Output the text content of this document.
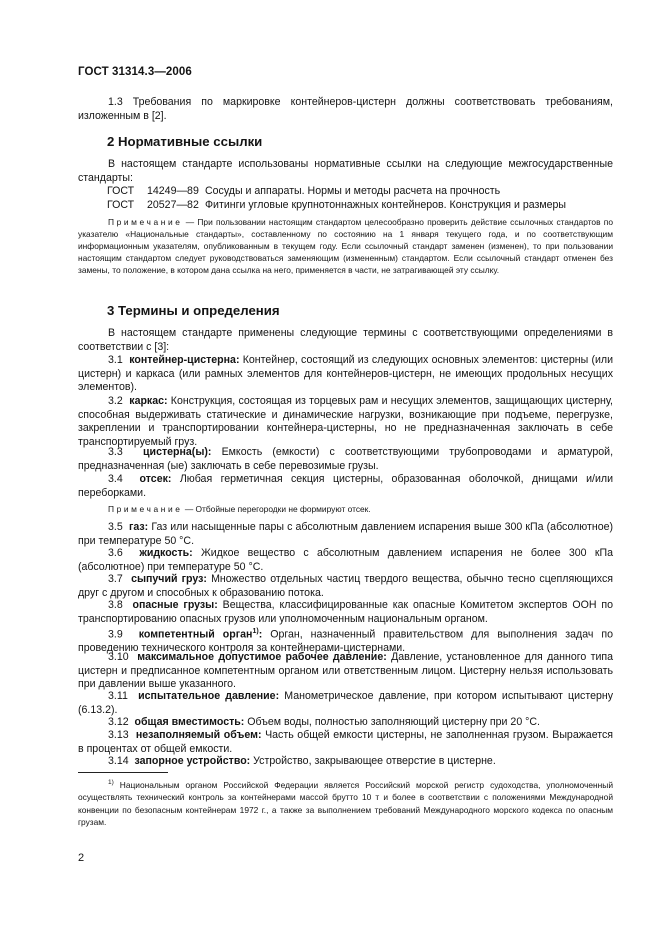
ГОСТ 31314.3—2006
1.3 Требования по маркировке контейнеров-цистерн должны соответствовать требованиям, изложенным в [2].
2 Нормативные ссылки
В настоящем стандарте использованы нормативные ссылки на следующие межгосударственные стандарты:
ГОСТ 14249—89 Сосуды и аппараты. Нормы и методы расчета на прочность
ГОСТ 20527—82 Фитинги угловые крупнотоннажных контейнеров. Конструкция и размеры
Примечание — При пользовании настоящим стандартом целесообразно проверить действие ссылочных стандартов по указателю «Национальные стандарты», составленному по состоянию на 1 января текущего года, и по соответствующим информационным указателям, опубликованным в текущем году. Если ссылочный стандарт заменен (изменен), то при пользовании настоящим стандартом следует руководствоваться заменяющим (измененным) стандартом. Если ссылочный стандарт отменен без замены, то положение, в котором дана ссылка на него, применяется в части, не затрагивающей эту ссылку.
3 Термины и определения
В настоящем стандарте применены следующие термины с соответствующими определениями в соответствии с [3]:
3.1 контейнер-цистерна: Контейнер, состоящий из следующих основных элементов: цистерны (или цистерн) и каркаса (или рамных элементов для контейнеров-цистерн, не имеющих продольных несущих элементов).
3.2 каркас: Конструкция, состоящая из торцевых рам и несущих элементов, защищающих цистерну, способная выдерживать статические и динамические нагрузки, возникающие при подъеме, перегрузке, закреплении и транспортировании контейнера-цистерны, но не предназначенная заключать в себе транспортируемый груз.
3.3 цистерна(ы): Емкость (емкости) с соответствующими трубопроводами и арматурой, предназначенная (ые) заключать в себе перевозимые грузы.
3.4 отсек: Любая герметичная секция цистерны, образованная оболочкой, днищами и/или переборками.
Примечание — Отбойные перегородки не формируют отсек.
3.5 газ: Газ или насыщенные пары с абсолютным давлением испарения выше 300 кПа (абсолютное) при температуре 50 °С.
3.6 жидкость: Жидкое вещество с абсолютным давлением испарения не более 300 кПа (абсолютное) при температуре 50 °С.
3.7 сыпучий груз: Множество отдельных частиц твердого вещества, обычно тесно сцепляющихся друг с другом и способных к образованию потока.
3.8 опасные грузы: Вещества, классифицированные как опасные Комитетом экспертов ООН по транспортированию опасных грузов или уполномоченным национальным органом.
3.9 компетентный орган$^{1)}$: Орган, назначенный правительством для выполнения задач по проведению технического контроля за контейнерами-цистернами.
3.10 максимальное допустимое рабочее давление: Давление, установленное для данного типа цистерн и предписанное компетентным органом или ответственным лицом. Цистерну нельзя использовать при давлении выше указанного.
3.11 испытательное давление: Манометрическое давление, при котором испытывают цистерну (6.13.2).
3.12 общая вместимость: Объем воды, полностью заполняющий цистерну при 20 °С.
3.13 незаполняемый объем: Часть общей емкости цистерны, не заполненная грузом. Выражается в процентах от общей емкости.
3.14 запорное устройство: Устройство, закрывающее отверстие в цистерне.
$^{1)}$ Национальным органом Российской Федерации является Российский морской регистр судоходства, уполномоченный осуществлять технический контроль за контейнерами массой брутто 10 т и более в соответствии с положениями Международной конвенции по безопасным контейнерам 1972 г., а также за выполнением требований Международного морского кодекса по опасным грузам.
2
